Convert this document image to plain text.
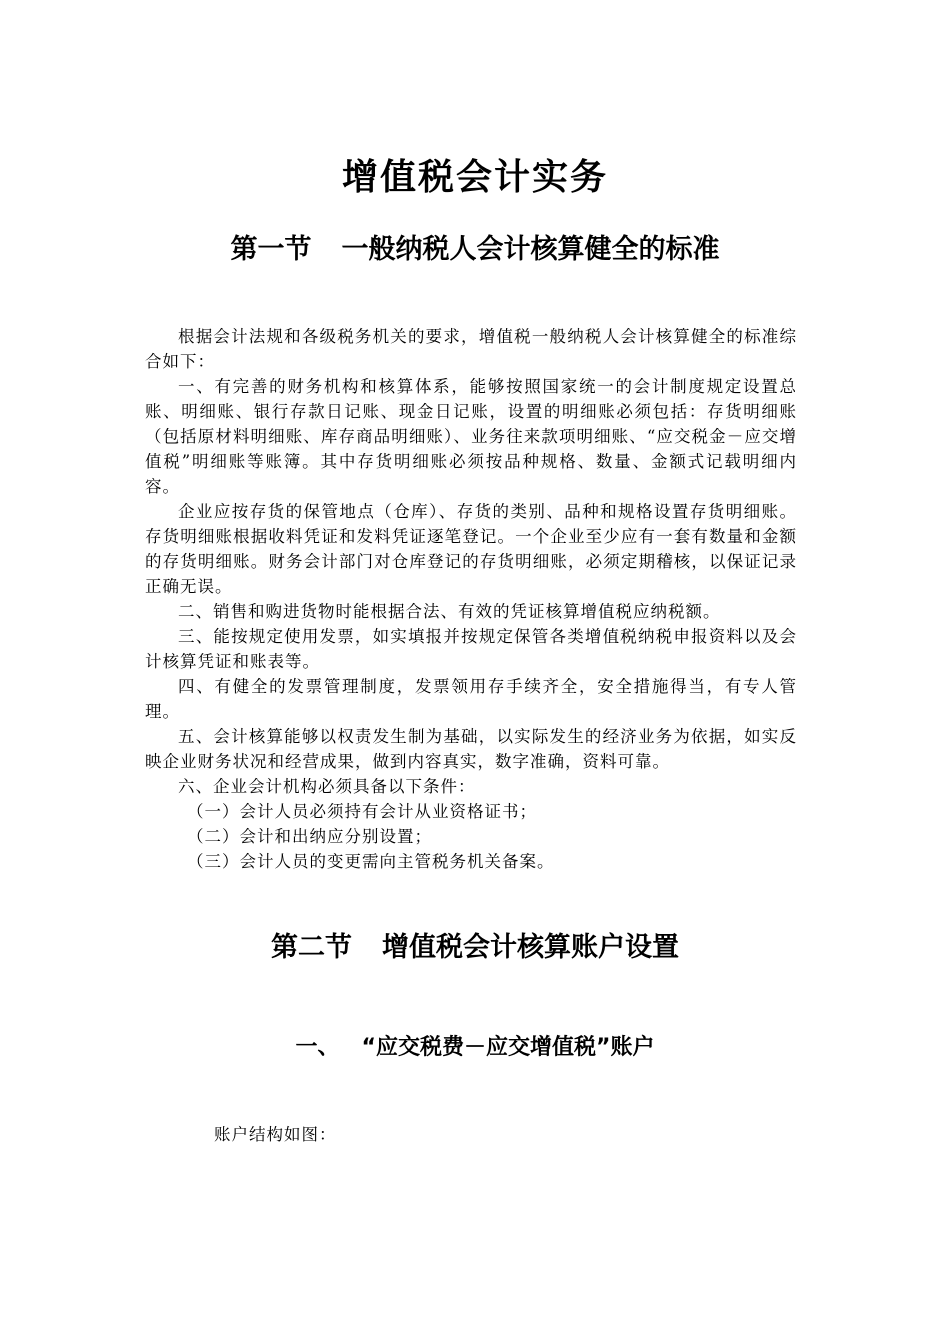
增值税会计实务
第一节 一般纳税人会计核算健全的标准

根据会计法规和各级税务机关的要求，增值税一般纳税人会计核算健全的标准综合如下：

一、有完善的财务机构和核算体系，能够按照国家统一的会计制度规定设置总账、明细账、银行存款日记账、现金日记账，设置的明细账必须包括：存货明细账（包括原材料明细账、库存商品明细账）、业务往来款项明细账、“应交税金－应交增值税”明细账等账簿。其中存货明细账必须按品种规格、数量、金额式记载明细内容。

企业应按存货的保管地点（仓库）、存货的类别、品种和规格设置存货明细账。存货明细账根据收料凭证和发料凭证逐笔登记。一个企业至少应有一套有数量和金额的存货明细账。财务会计部门对仓库登记的存货明细账，必须定期稽核，以保证记录正确无误。

二、销售和购进货物时能根据合法、有效的凭证核算增值税应纳税额。

三、能按规定使用发票，如实填报并按规定保管各类增值税纳税申报资料以及会计核算凭证和账表等。

四、有健全的发票管理制度，发票领用存手续齐全，安全措施得当，有专人管理。

五、会计核算能够以权责发生制为基础，以实际发生的经济业务为依据，如实反映企业财务状况和经营成果，做到内容真实，数字准确，资料可靠。

六、企业会计机构必须具备以下条件：

（一）会计人员必须持有会计从业资格证书；

（二）会计和出纳应分别设置；

（三）会计人员的变更需向主管税务机关备案。

第二节 增值税会计核算账户设置
一、 “应交税费－应交增值税”账户
账户结构如图：
